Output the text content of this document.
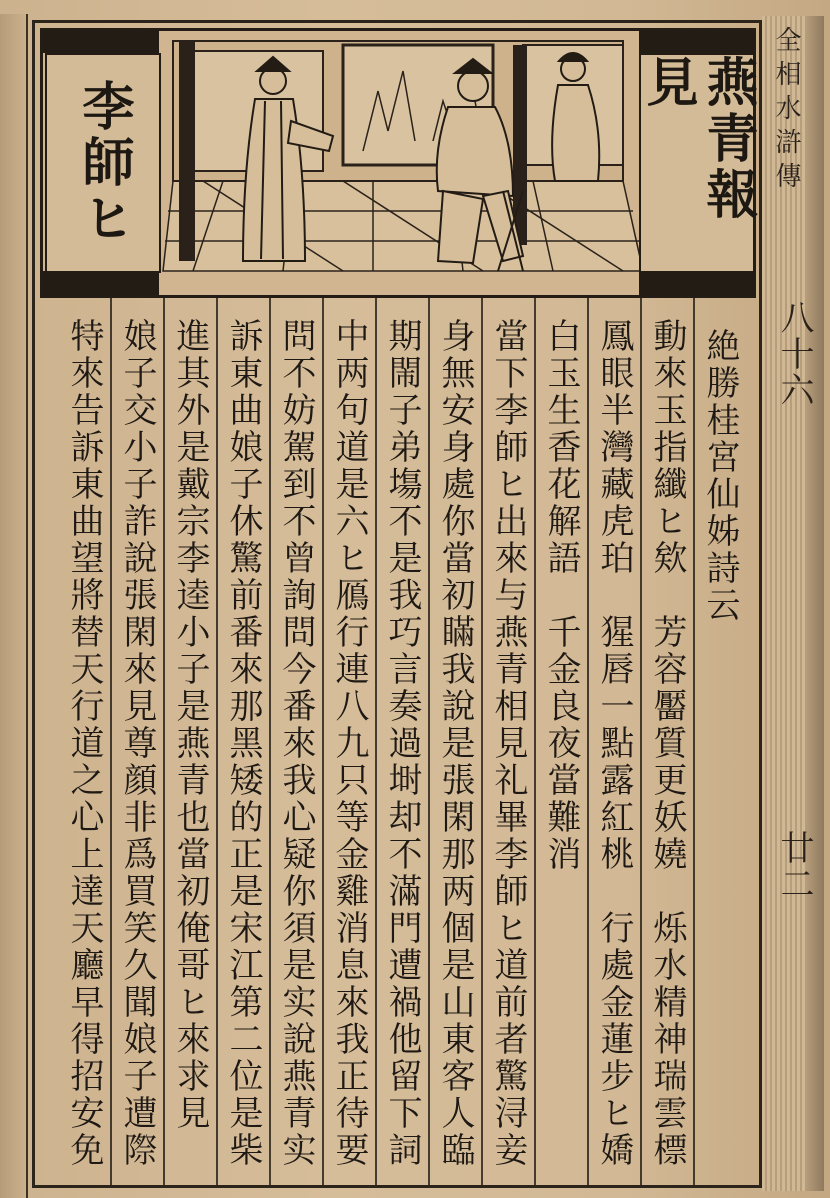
全相水滸傳
八十六
廿二
李師ヒ	燕青報見
絶勝桂宮仙姊詩云
動來玉指纖ヒ欸　芳容靨質更妖嬈　烁水精神瑞雲標
鳳眼半灣藏虎珀　猩唇一點露紅桃　行處金蓮步ヒ嬌
白玉生香花解語　千金良夜當難消
當下李師ヒ出來与燕青相見礼畢李師ヒ道前者驚浔妾
身無安身處你當初瞞我說是張閑那两個是山東客人臨
期閙子弟塲不是我巧言奏過埘却不滿門遭禍他留下詞
中两句道是六ヒ鴈行連八九只等金雞消息來我正待要
問不妨駕到不曾詢問今番來我心疑你須是实說燕青实
訴東曲娘子休驚前番來那黑矮的正是宋江第二位是柴
進其外是戴宗李逵小子是燕青也當初俺哥ヒ來求見
娘子交小子詐說張閑來見尊顔非爲買笑久聞娘子遭際
特來告訴東曲望將替天行道之心上達天廳早得招安免
